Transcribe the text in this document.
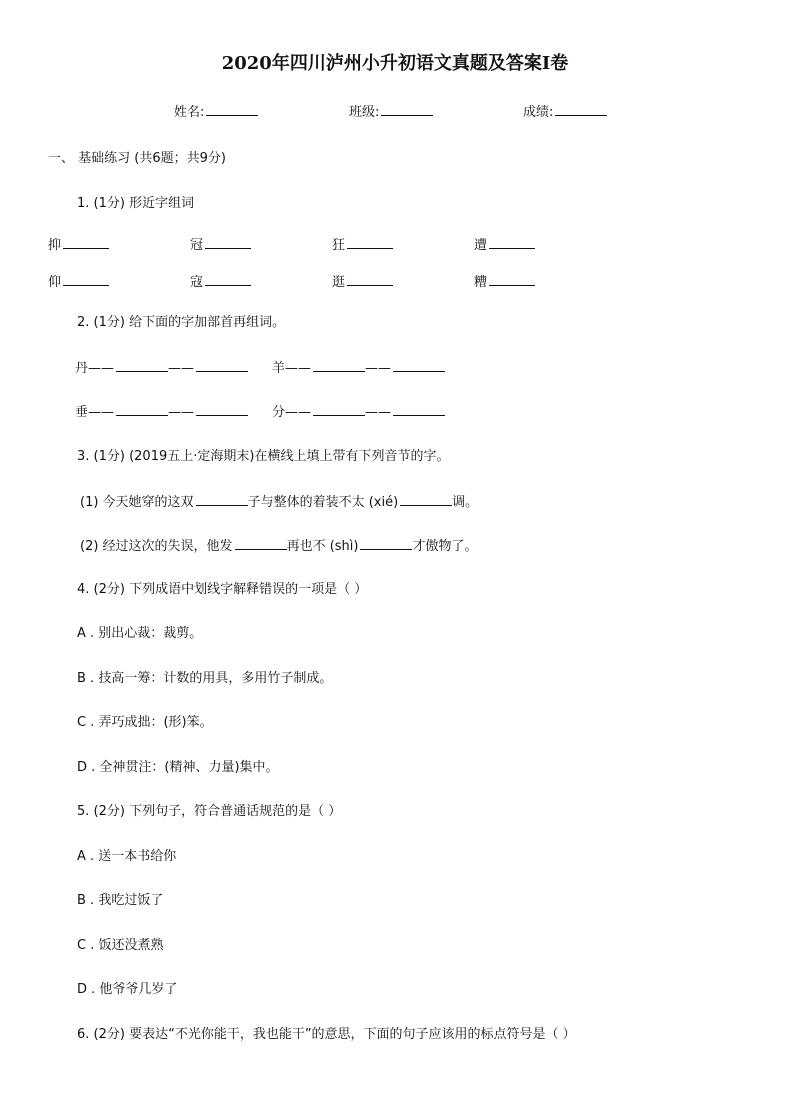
2020年四川泸州小升初语文真题及答案Ⅰ卷
姓名:	班级:	成绩:
一、 基础练习 (共6题；共9分)
1. (1分) 形近字组词
抑	冠	狂	遭
仰	寇	逛	糟
2. (1分) 给下面的字加部首再组词。
丹——	——	羊——	——
垂——	——	分——	——
3. (1分) (2019五上·定海期末)在横线上填上带有下列音节的字。
(1) 今天她穿的这双	子与整体的着装不太 (xié)	调。
(2) 经过这次的失误，他发	再也不 (shì)	才傲物了。
4. (2分) 下列成语中划线字解释错误的一项是（ ）
A . 别出心裁：裁剪。
B . 技高一筹：计数的用具，多用竹子制成。
C . 弄巧成拙：(形)笨。
D . 全神贯注：(精神、力量)集中。
5. (2分) 下列句子，符合普通话规范的是（ ）
A . 送一本书给你
B . 我吃过饭了
C . 饭还没煮熟
D . 他爷爷几岁了
6. (2分) 要表达“不光你能干，我也能干”的意思，下面的句子应该用的标点符号是（ ）
